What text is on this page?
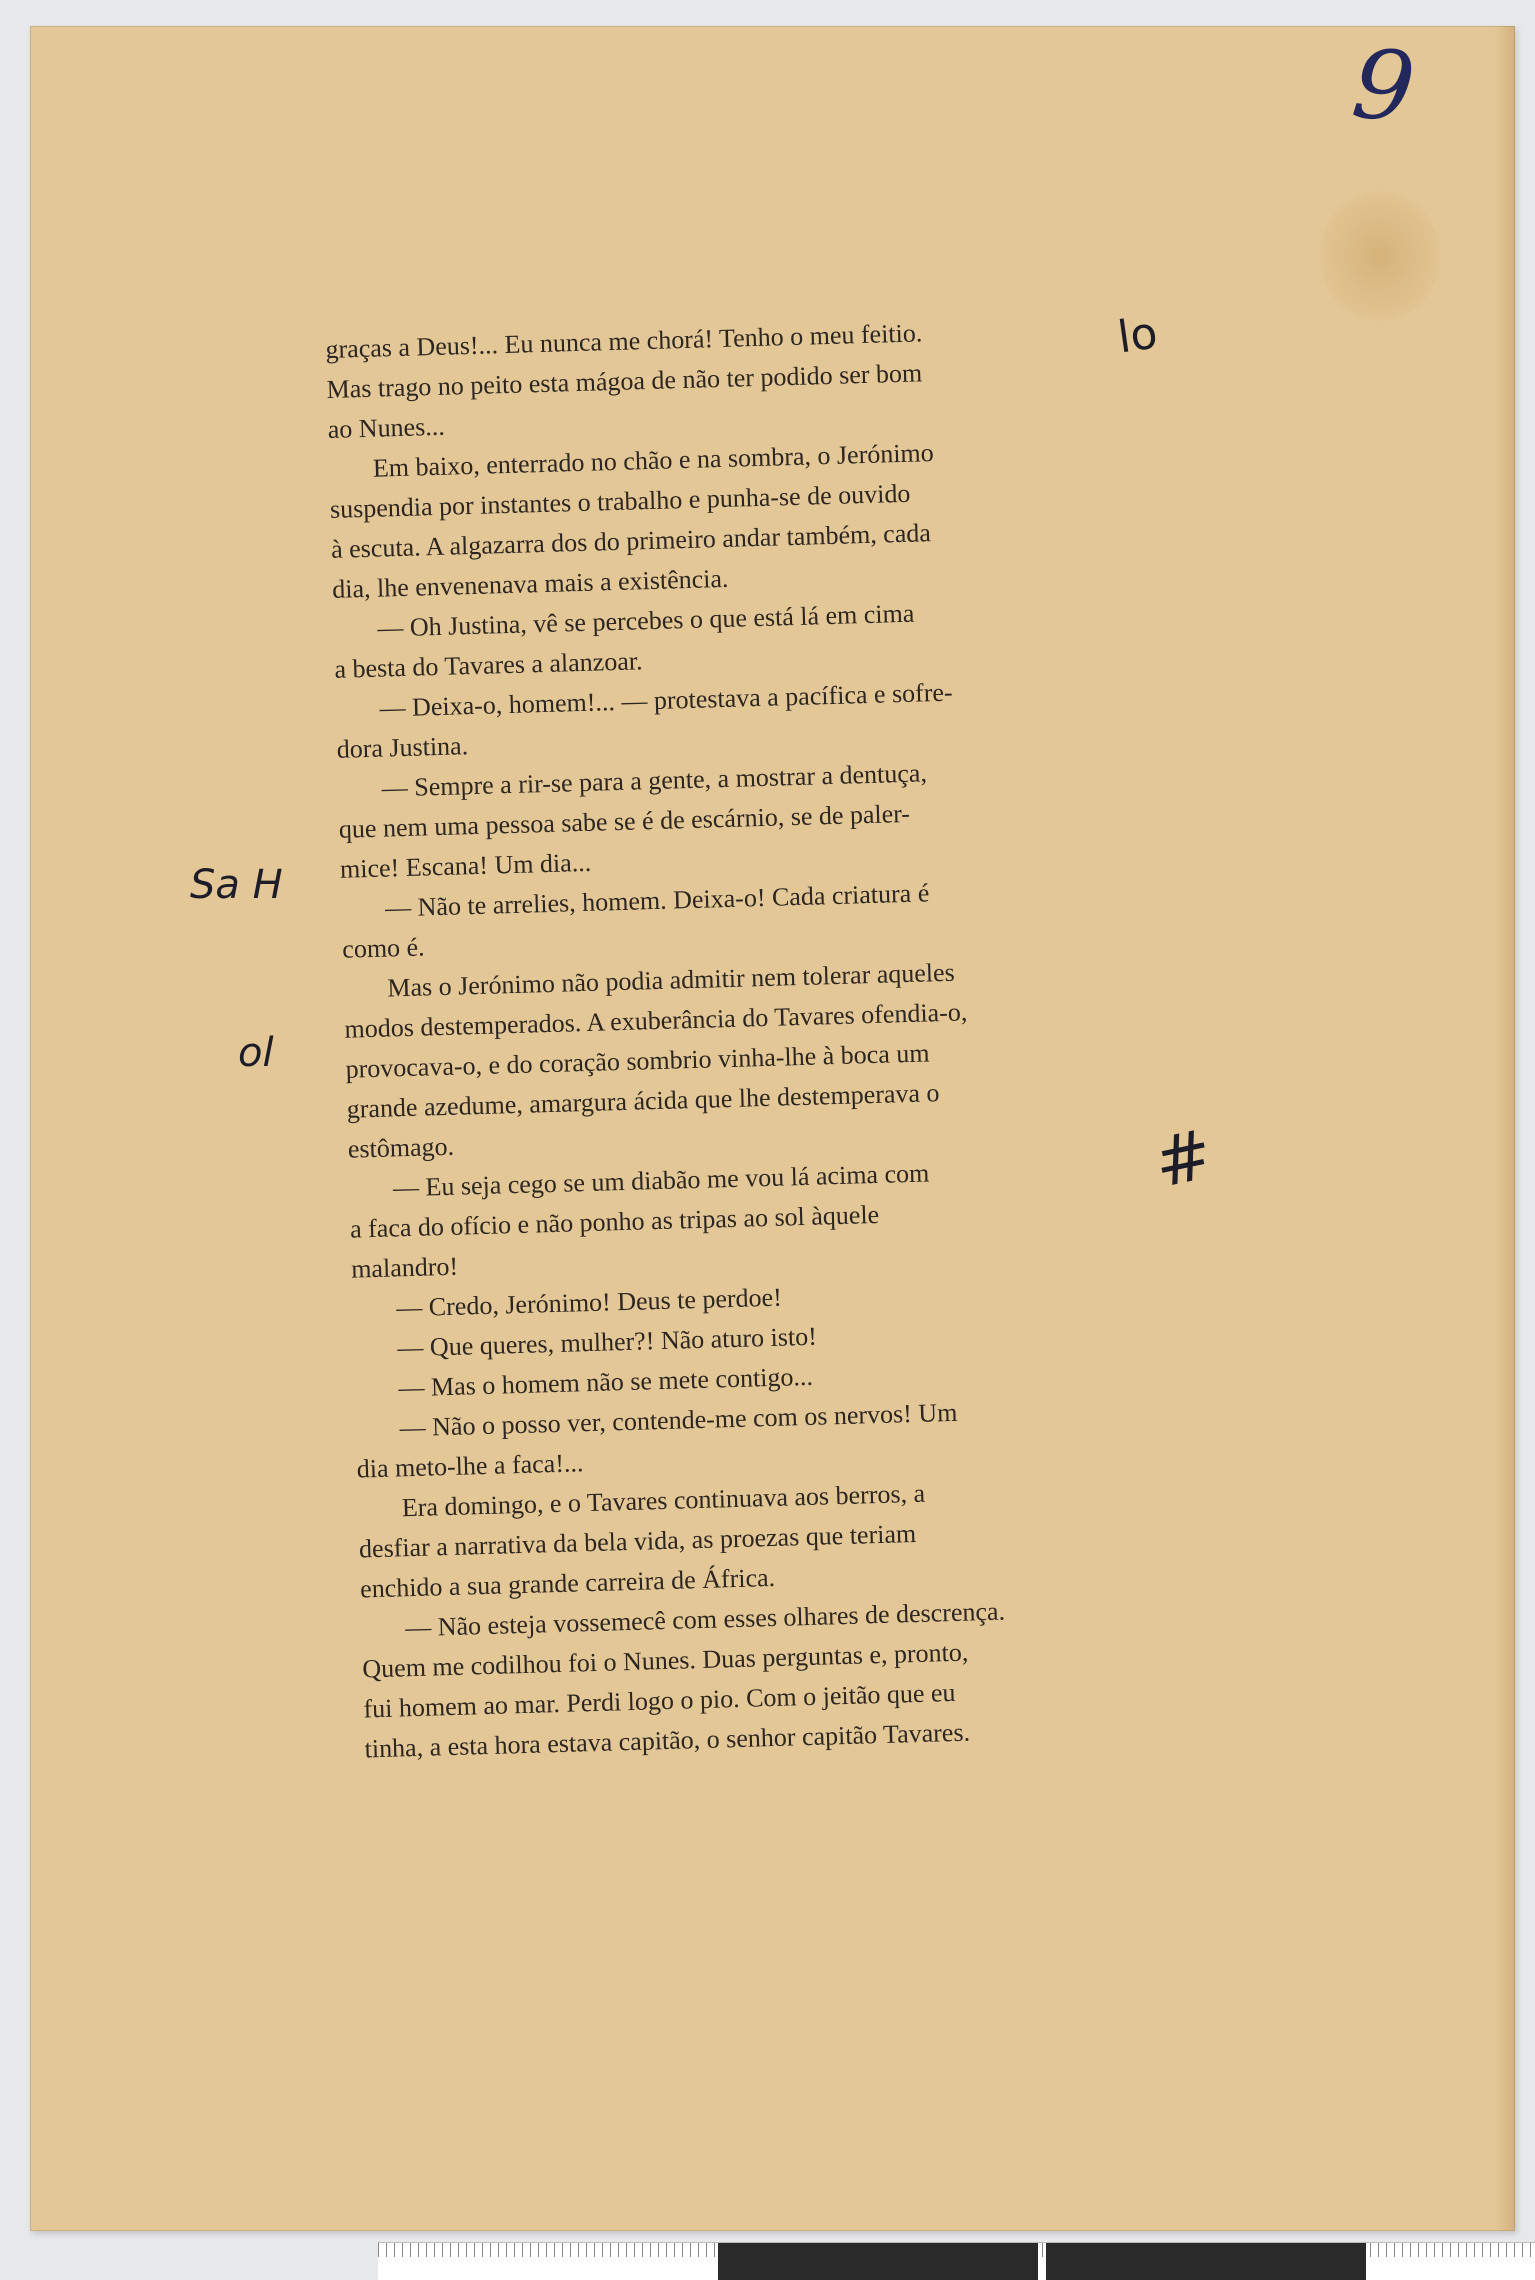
9
lo
Sa H
ol
#

graças a Deus!... Eu nunca me chorá! Tenho o meu feitio.

Mas trago no peito esta mágoa de não ter podido ser bom

ao Nunes...

Em baixo, enterrado no chão e na sombra, o Jerónimo

suspendia por instantes o trabalho e punha-se de ouvido

à escuta. A algazarra dos do primeiro andar também, cada

dia, lhe envenenava mais a existência.

— Oh Justina, vê se percebes o que está lá em cima

a besta do Tavares a alanzoar.

— Deixa-o, homem!... — protestava a pacífica e sofre-

dora Justina.

— Sempre a rir-se para a gente, a mostrar a dentuça,

que nem uma pessoa sabe se é de escárnio, se de paler-

mice! Escana! Um dia...

— Não te arrelies, homem. Deixa-o! Cada criatura é

como é.

Mas o Jerónimo não podia admitir nem tolerar aqueles

modos destemperados. A exuberância do Tavares ofendia-o,

provocava-o, e do coração sombrio vinha-lhe à boca um

grande azedume, amargura ácida que lhe destemperava o

estômago.

— Eu seja cego se um diabão me vou lá acima com

a faca do ofício e não ponho as tripas ao sol àquele

malandro!

— Credo, Jerónimo! Deus te perdoe!

— Que queres, mulher?! Não aturo isto!

— Mas o homem não se mete contigo...

— Não o posso ver, contende-me com os nervos! Um

dia meto-lhe a faca!...

Era domingo, e o Tavares continuava aos berros, a

desfiar a narrativa da bela vida, as proezas que teriam

enchido a sua grande carreira de África.

— Não esteja vossemecê com esses olhares de descrença.

Quem me codilhou foi o Nunes. Duas perguntas e, pronto,

fui homem ao mar. Perdi logo o pio. Com o jeitão que eu

tinha, a esta hora estava capitão, o senhor capitão Tavares.
